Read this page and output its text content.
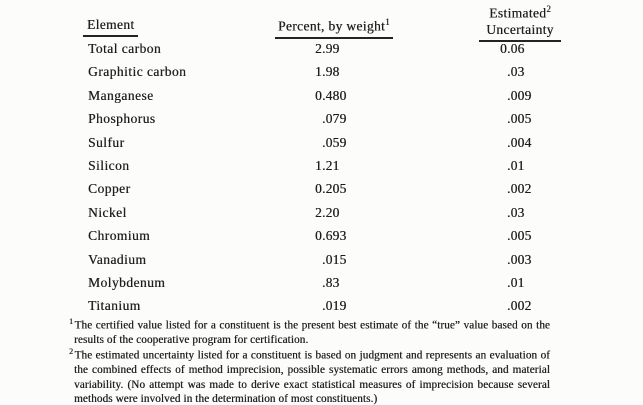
Element	Percent, by weight$^1$
Estimated$^2$
Uncertainty
Total carbon	2.99	0.06
Graphitic carbon	1.98	.03
Manganese	0.480	.009
Phosphorus	.079	.005
Sulfur	.059	.004
Silicon	1.21	.01
Copper	0.205	.002
Nickel	2.20	.03
Chromium	0.693	.005
Vanadium	.015	.003
Molybdenum	.83	.01
Titanium	.019	.002
$^1$ The certified value listed for a constituent is the present best estimate of the “true” value based on the
results of the cooperative program for certification.
$^2$ The estimated uncertainty listed for a constituent is based on judgment and represents an evaluation of
the combined effects of method imprecision, possible systematic errors among methods, and material
variability. (No attempt was made to derive exact statistical measures of imprecision because several
methods were involved in the determination of most constituents.)
